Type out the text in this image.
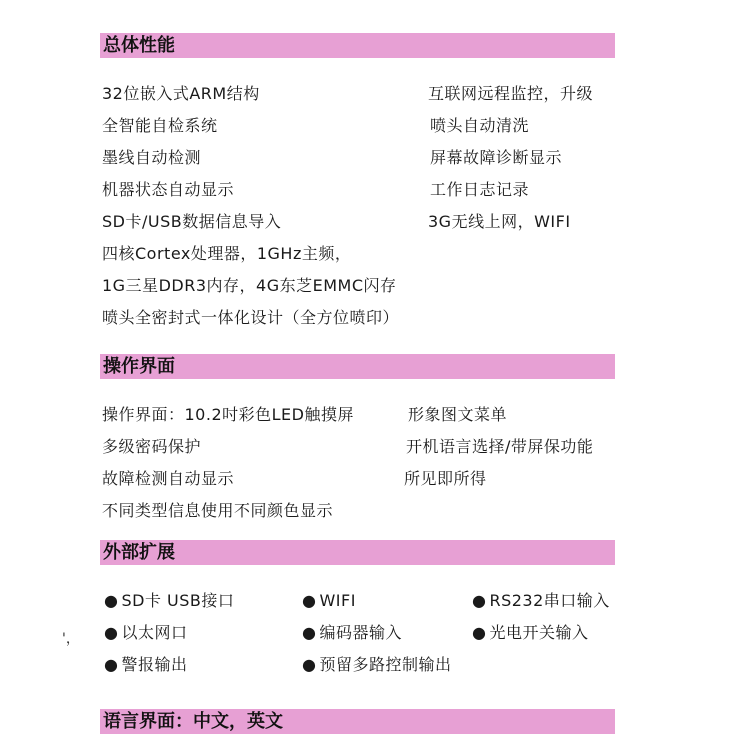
总体性能
32位嵌入式ARM结构
全智能自检系统
墨线自动检测
机器状态自动显示
SD卡/USB数据信息导入
四核Cortex处理器，1GHz主频，
1G三星DDR3内存，4G东芝EMMC闪存
喷头全密封式一体化设计（全方位喷印）
互联网远程监控，升级
喷头自动清洗
屏幕故障诊断显示
工作日志记录
3G无线上网，WIFI
操作界面
操作界面：10.2吋彩色LED触摸屏
多级密码保护
故障检测自动显示
不同类型信息使用不同颜色显示
形象图文菜单
开机语言选择/带屏保功能
所见即所得
外部扩展
● SD卡 USB接口
● 以太网口
● 警报输出
● WIFI
● 编码器输入
● 预留多路控制输出
● RS232串口输入
● 光电开关输入
'，
语言界面：中文，英文
